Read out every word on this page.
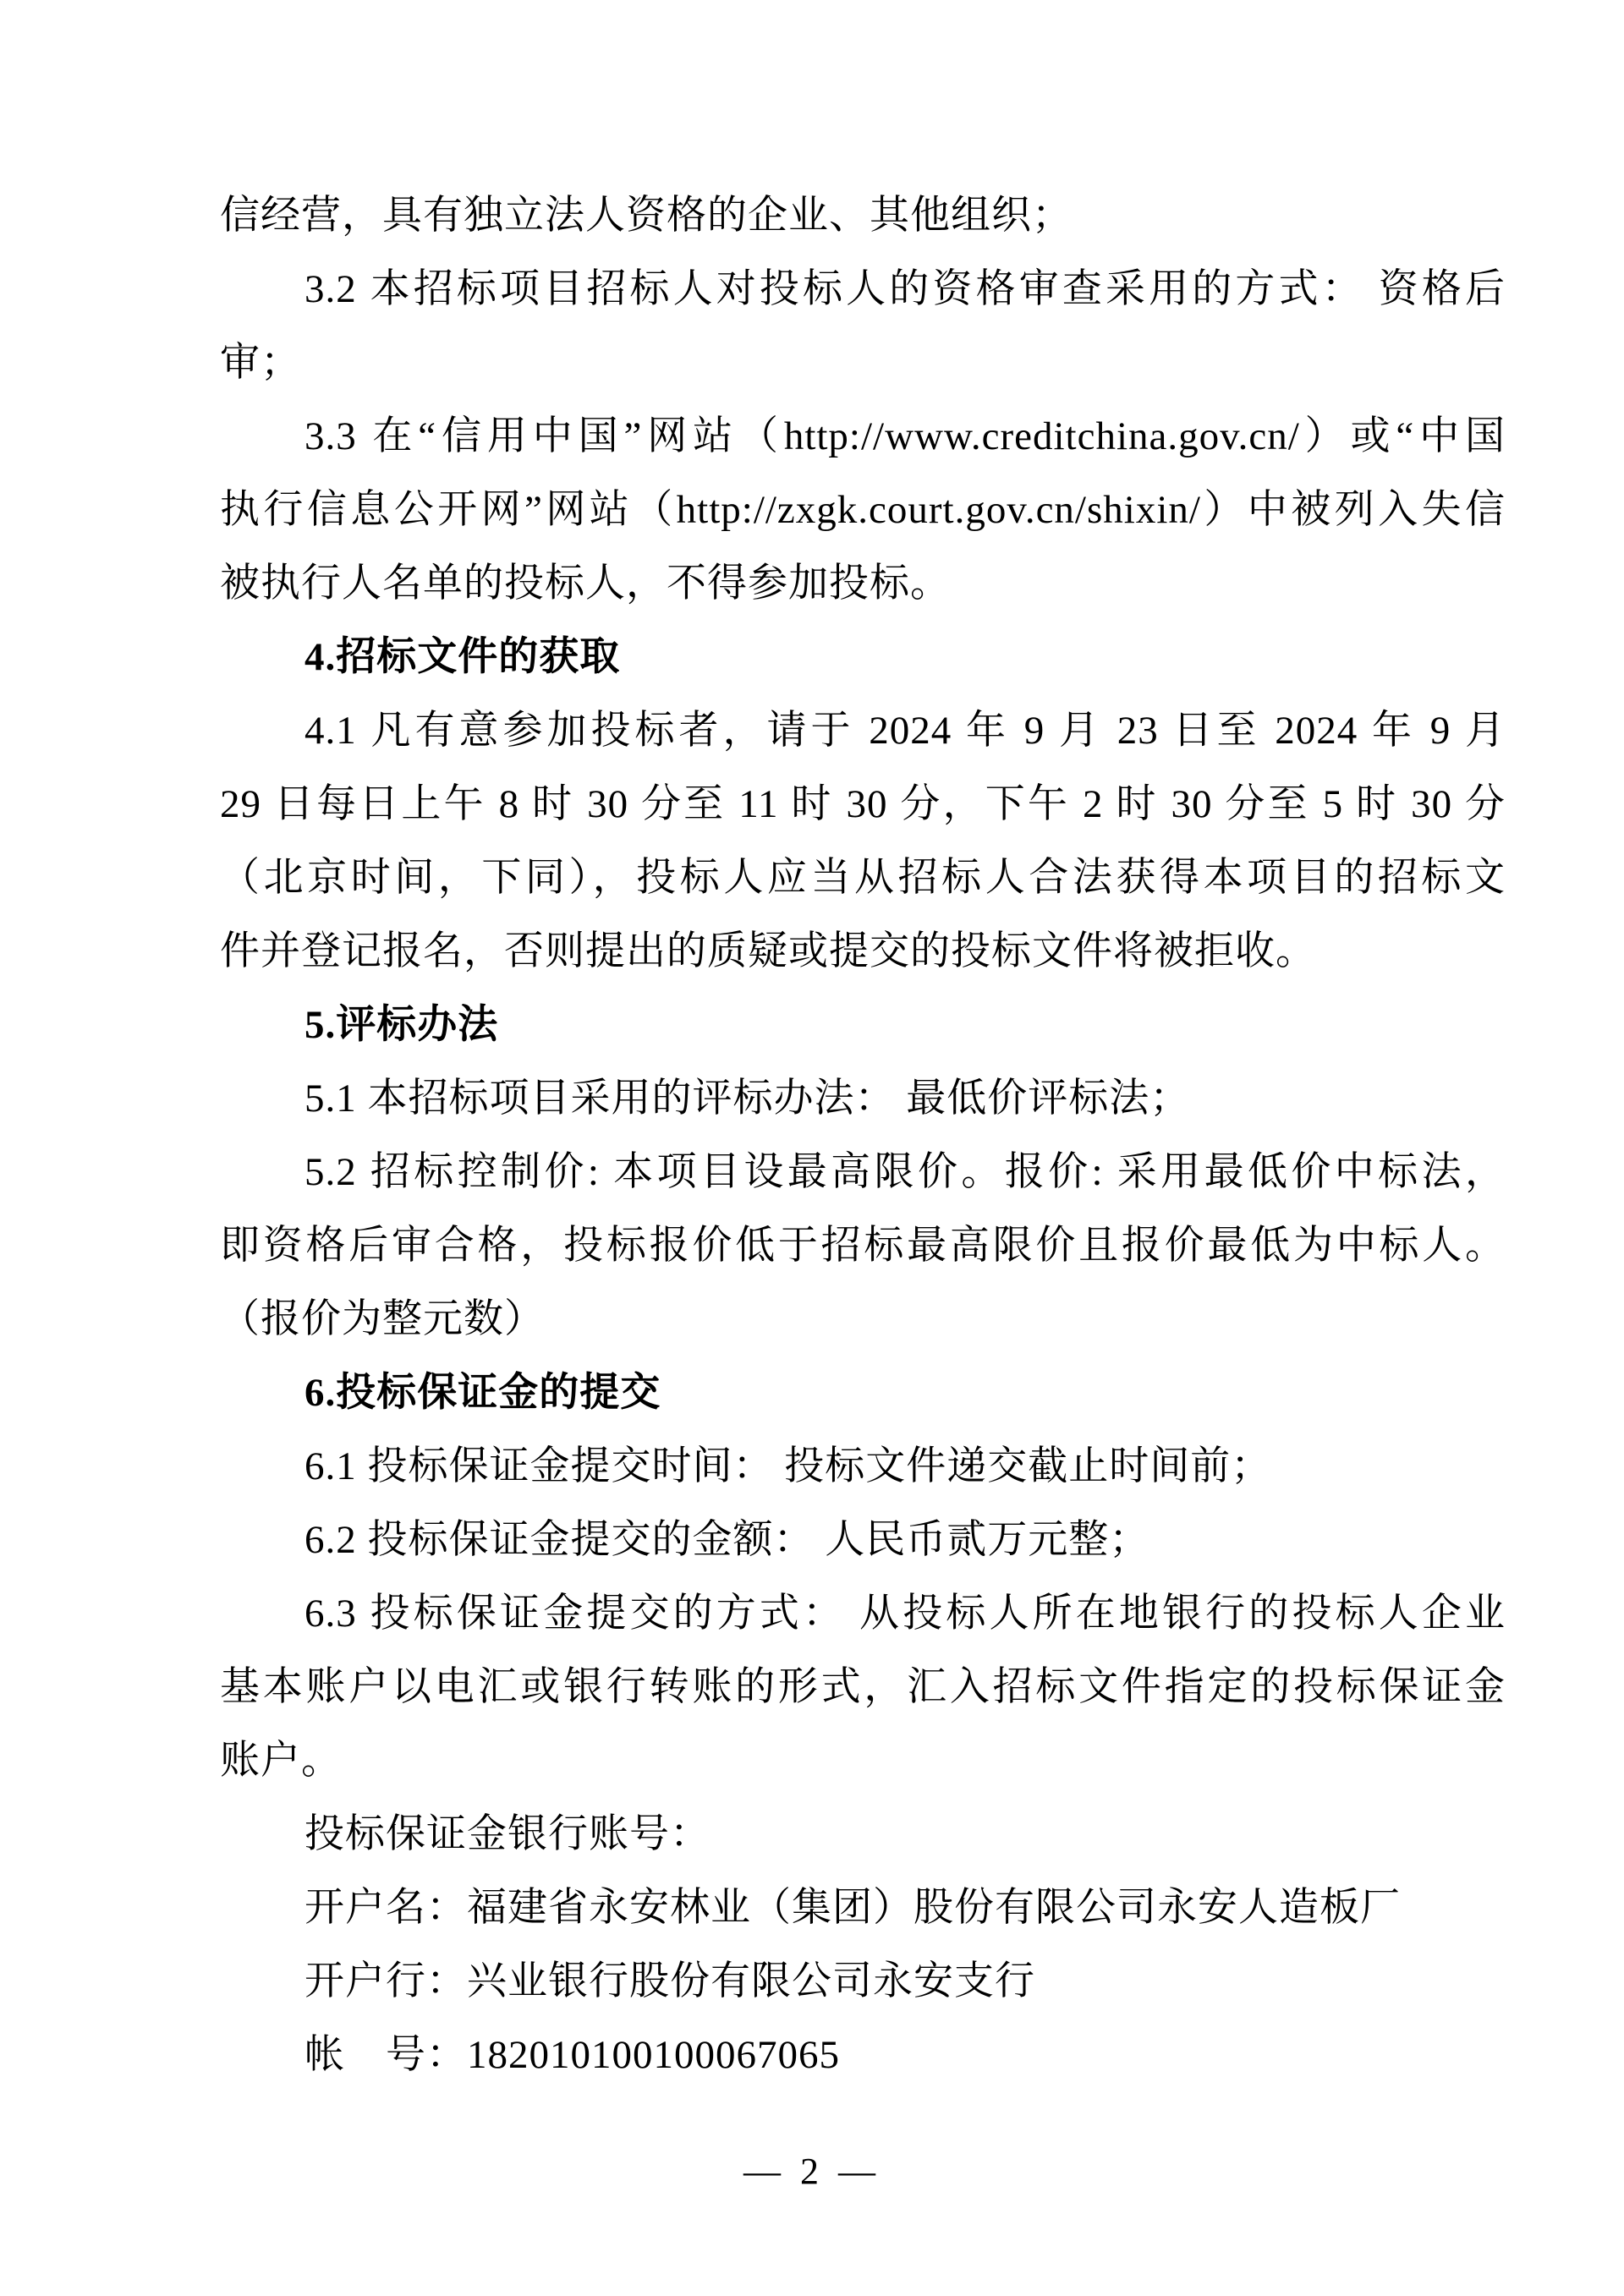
信经营，具有独立法人资格的企业、其他组织；
3.2 本招标项目招标人对投标人的资格审查采用的方式： 资格后
审；
3.3 在“信用中国”网站（http://www.creditchina.gov.cn/）或“中国
执行信息公开网”网站（http://zxgk.court.gov.cn/shixin/）中被列入失信
被执行人名单的投标人，不得参加投标。
4.招标文件的获取
4.1 凡有意参加投标者，请于 2024 年 9 月 23 日至 2024 年 9 月
29 日每日上午 8 时 30 分至 11 时 30 分，下午 2 时 30 分至 5 时 30 分
（北京时间，下同），投标人应当从招标人合法获得本项目的招标文
件并登记报名，否则提出的质疑或提交的投标文件将被拒收。
5.评标办法
5.1 本招标项目采用的评标办法： 最低价评标法；
5.2 招标控制价: 本项目设最高限价。报价: 采用最低价中标法，
即资格后审合格，投标报价低于招标最高限价且报价最低为中标人。
（报价为整元数）
6.投标保证金的提交
6.1 投标保证金提交时间： 投标文件递交截止时间前；
6.2 投标保证金提交的金额： 人民币贰万元整；
6.3 投标保证金提交的方式： 从投标人所在地银行的投标人企业
基本账户以电汇或银行转账的形式，汇入招标文件指定的投标保证金
账户。
投标保证金银行账号：
开户名：福建省永安林业（集团）股份有限公司永安人造板厂
开户行：兴业银行股份有限公司永安支行
帐　号：182010100100067065
— 2 —
